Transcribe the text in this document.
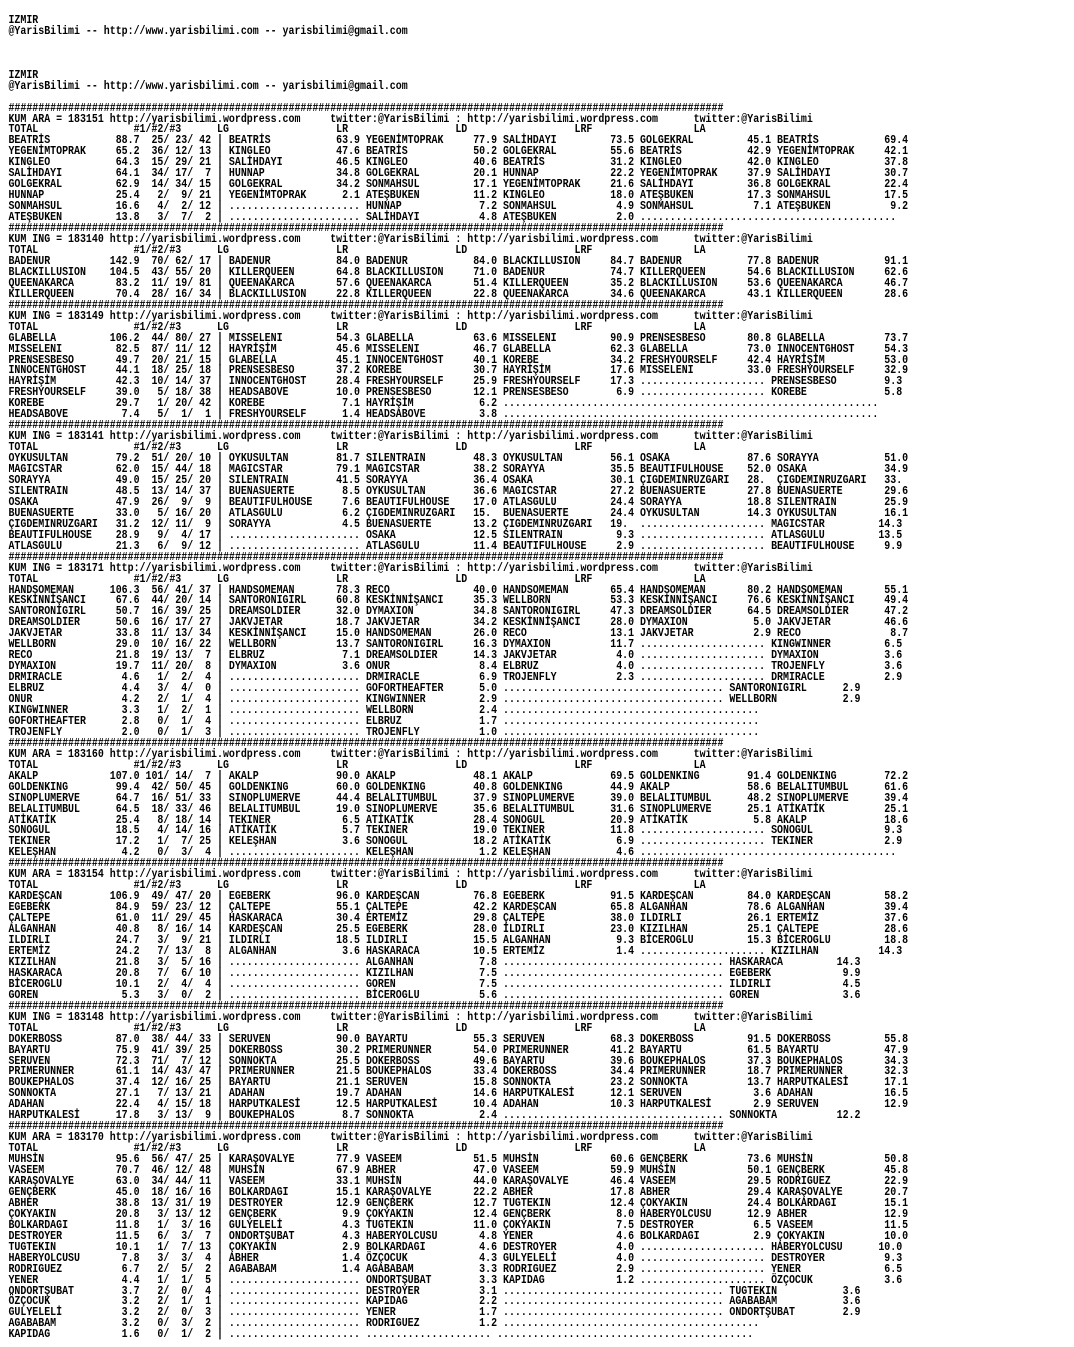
IZMIR
@YarisBilimi -- http://www.yarisbilimi.com -- yarisbilimi@gmail.com

IZMIR
@YarisBilimi -- http://www.yarisbilimi.com -- yarisbilimi@gmail.com

########################################################################################################################
KUM ARA = 183151 http://yarisbilimi.wordpress.com     twitter:@YarisBilimi : http://yarisbilimi.wordpress.com      twitter:@YarisBilimi
TOTAL                #1/#2/#3      LG                  LR                  LD                  LRF                 LA
BEATRİS           88.7  25/ 23/ 42 | BEATRİS           63.9 YEGENİMTOPRAK     77.9 SALİHDAYI         73.5 GOLGEKRAL         45.1 BEATRİS           69.4
YEGENİMTOPRAK     65.2  36/ 12/ 13 | KINGLEO           47.6 BEATRİS           50.2 GOLGEKRAL         55.6 BEATRİS           42.9 YEGENİMTOPRAK     42.1
KINGLEO           64.3  15/ 29/ 21 | SALİHDAYI         46.5 KINGLEO           40.6 BEATRİS           31.2 KINGLEO           42.0 KINGLEO           37.8
SALİHDAYI         64.1  34/ 17/  7 | HUNNAP            34.8 GOLGEKRAL         20.1 HUNNAP            22.2 YEGENİMTOPRAK     37.9 SALİHDAYI         30.7
GOLGEKRAL         62.9  14/ 34/ 15 | GOLGEKRAL         34.2 SONMAHSUL         17.1 YEGENİMTOPRAK     21.6 SALİHDAYI         36.8 GOLGEKRAL         22.4
HUNNAP            25.4   2/  9/ 21 | YEGENİMTOPRAK      2.1 ATEŞBUKEN         11.2 KINGLEO           18.0 ATEŞBUKEN         17.3 SONMAHSUL         17.5
SONMAHSUL         16.6   4/  2/ 12 | ...................... HUNNAP             7.2 SONMAHSUL          4.9 SONMAHSUL          7.1 ATEŞBUKEN          9.2
ATEŞBUKEN         13.8   3/  7/  2 | ...................... SALİHDAYI          4.8 ATEŞBUKEN          2.0 ...........................................
########################################################################################################################
KUM ING = 183140 http://yarisbilimi.wordpress.com     twitter:@YarisBilimi : http://yarisbilimi.wordpress.com      twitter:@YarisBilimi
TOTAL                #1/#2/#3      LG                  LR                  LD                  LRF                 LA
BADENUR          142.9  70/ 62/ 17 | BADENUR           84.0 BADENUR           84.0 BLACKILLUSION     84.7 BADENUR           77.8 BADENUR           91.1
BLACKILLUSION    104.5  43/ 55/ 20 | KILLERQUEEN       64.8 BLACKILLUSION     71.0 BADENUR           74.7 KILLERQUEEN       54.6 BLACKILLUSION     62.6
QUEENAKARCA       83.2  11/ 19/ 81 | QUEENAKARCA       57.6 QUEENAKARCA       51.4 KILLERQUEEN       35.2 BLACKILLUSION     53.6 QUEENAKARCA       46.7
KILLERQUEEN       70.4  28/ 16/ 34 | BLACKILLUSION     22.8 KILLERQUEEN       22.8 QUEENAKARCA       34.6 QUEENAKARCA       43.1 KILLERQUEEN       28.6
########################################################################################################################
KUM ING = 183149 http://yarisbilimi.wordpress.com     twitter:@YarisBilimi : http://yarisbilimi.wordpress.com      twitter:@YarisBilimi
TOTAL                #1/#2/#3      LG                  LR                  LD                  LRF                 LA
GLABELLA         106.2  44/ 80/ 27 | MISSELENI         54.3 GLABELLA          63.6 MISSELENI         90.9 PRENSESBESO       80.8 GLABELLA          73.7
MISSELENI         82.5  87/ 11/ 12 | HAYRİŞİM          45.6 MISSELENI         46.7 GLABELLA          62.3 GLABELLA          73.0 INNOCENTGHOST     54.3
PRENSESBESO       49.7  20/ 21/ 15 | GLABELLA          45.1 INNOCENTGHOST     40.1 KOREBE            34.2 FRESHYOURSELF     42.4 HAYRİŞİM          53.0
INNOCENTGHOST     44.1  18/ 25/ 18 | PRENSESBESO       37.2 KOREBE            30.7 HAYRİŞİM          17.6 MISSELENI         33.0 FRESHYOURSELF     32.9
HAYRİŞİM          42.3  10/ 14/ 37 | INNOCENTGHOST     28.4 FRESHYOURSELF     25.9 FRESHYOURSELF     17.3 ..................... PRENSESBESO        9.3
FRESHYOURSELF     39.0   5/ 18/ 38 | HEADSABOVE        10.0 PRENSESBESO       12.1 PRENSESBESO        6.9 ..................... KOREBE             5.8
KOREBE            29.7   1/ 20/ 42 | KOREBE             7.1 HAYRİŞİM           6.2 ...............................................................
HEADSABOVE         7.4   5/  1/  1 | FRESHYOURSELF      1.4 HEADSABOVE         3.8 ...............................................................
########################################################################################################################
KUM ING = 183141 http://yarisbilimi.wordpress.com     twitter:@YarisBilimi : http://yarisbilimi.wordpress.com      twitter:@YarisBilimi
TOTAL                #1/#2/#3      LG                  LR                  LD                  LRF                 LA
OYKUSULTAN        79.2  51/ 20/ 10 | OYKUSULTAN        81.7 SILENTRAIN        48.3 OYKUSULTAN        56.1 OSAKA             87.6 SORAYYA           51.0
MAGICSTAR         62.0  15/ 44/ 18 | MAGICSTAR         79.1 MAGICSTAR         38.2 SORAYYA           35.5 BEAUTIFULHOUSE    52.0 OSAKA             34.9
SORAYYA           49.0  15/ 25/ 20 | SILENTRAIN        41.5 SORAYYA           36.4 OSAKA             30.1 ÇIGDEMINRUZGARI   28.  ÇIGDEMINRUZGARI   33.
SILENTRAIN        48.5  13/ 14/ 37 | BUENASUERTE        8.5 OYKUSULTAN        36.6 MAGICSTAR         27.2 BUENASUERTE       27.8 BUENASUERTE       29.6
OSAKA             47.9  26/  9/  9 | BEAUTIFULHOUSE     7.6 BEAUTIFULHOUSE    17.0 ATLASGULU         24.4 SORAYYA           18.8 SILENTRAIN        25.9
BUENASUERTE       33.0   5/ 16/ 20 | ATLASGULU          6.2 ÇIGDEMINRUZGARI   15.  BUENASUERTE       24.4 OYKUSULTAN        14.3 OYKUSULTAN        16.1
ÇIGDEMINRUZGARI   31.2  12/ 11/  9 | SORAYYA            4.5 BUENASUERTE       13.2 ÇIGDEMINRUZGARI   19.  ..................... MAGICSTAR         14.3
BEAUTIFULHOUSE    28.9   9/  4/ 17 | ...................... OSAKA             12.5 SILENTRAIN         9.3 ..................... ATLASGULU         13.5
ATLASGULU         21.3   6/  9/ 12 | ...................... ATLASGULU         11.4 BEAUTIFULHOUSE     2.9 ..................... BEAUTIFULHOUSE     9.9
########################################################################################################################
KUM ING = 183171 http://yarisbilimi.wordpress.com     twitter:@YarisBilimi : http://yarisbilimi.wordpress.com      twitter:@YarisBilimi
TOTAL                #1/#2/#3      LG                  LR                  LD                  LRF                 LA
HANDSOMEMAN      106.3  56/ 41/ 37 | HANDSOMEMAN       78.3 RECO              40.0 HANDSOMEMAN       65.4 HANDSOMEMAN       80.2 HANDSOMEMAN       55.1
KESKİNNİŞANCI     67.6  44/ 20/ 14 | SANTORONIGIRL     60.8 KESKİNNİŞANCI     35.3 WELLBORN          53.3 KESKİNNİŞANCI     76.6 KESKİNNİŞANCI     49.4
SANTORONIGIRL     50.7  16/ 39/ 25 | DREAMSOLDIER      32.0 DYMAXION          34.8 SANTORONIGIRL     47.3 DREAMSOLDIER      64.5 DREAMSOLDIER      47.2
DREAMSOLDIER      50.6  16/ 17/ 27 | JAKVJETAR         18.7 JAKVJETAR         34.2 KESKİNNİŞANCI     28.0 DYMAXION           5.0 JAKVJETAR         46.6
JAKVJETAR         33.8  11/ 13/ 34 | KESKİNNİŞANCI     15.0 HANDSOMEMAN       26.0 RECO              13.1 JAKVJETAR          2.9 RECO               8.7
WELLBORN          29.0  10/ 16/ 22 | WELLBORN          13.7 SANTORONIGIRL     16.3 DYMAXION          11.7 ..................... KINGWINNER         6.5
RECO              21.8  19/ 13/  7 | ELBRUZ             7.1 DREAMSOLDIER      14.3 JAKVJETAR          4.0 ..................... DYMAXION           3.6
DYMAXION          19.7  11/ 20/  8 | DYMAXION           3.6 ONUR               8.4 ELBRUZ             4.0 ..................... TROJENFLY          3.6
DRMIRACLE          4.6   1/  2/  4 | ...................... DRMIRACLE          6.9 TROJENFLY          2.3 ..................... DRMIRACLE          2.9
ELBRUZ             4.4   3/  4/  0 | ...................... GOFORTHEAFTER      5.0 ..................................... SANTORONIGIRL      2.9
ONUR               4.2   2/  1/  4 | ...................... KINGWINNER         2.9 ..................................... WELLBORN           2.9
KINGWINNER         3.3   1/  2/  1 | ...................... WELLBORN           2.4 ...........................................
GOFORTHEAFTER      2.8   0/  1/  4 | ...................... ELBRUZ             1.7 ...........................................
TROJENFLY          2.0   0/  1/  3 | ...................... TROJENFLY          1.0 ...........................................
########################################################################################################################
KUM ARA = 183160 http://yarisbilimi.wordpress.com     twitter:@YarisBilimi : http://yarisbilimi.wordpress.com      twitter:@YarisBilimi
TOTAL                #1/#2/#3      LG                  LR                  LD                  LRF                 LA
AKALP            107.0 101/ 14/  7 | AKALP             90.0 AKALP             48.1 AKALP             69.5 GOLDENKING        91.4 GOLDENKING        72.2
GOLDENKING        99.4  42/ 50/ 45 | GOLDENKING        60.0 GOLDENKING        40.8 GOLDENKING        44.9 AKALP             58.6 BELALITUMBUL      61.6
SINOPLUMERVE      64.7  16/ 51/ 33 | SINOPLUMERVE      44.4 BELALITUMBUL      37.9 SINOPLUMERVE      39.0 BELALITUMBUL      48.2 SINOPLUMERVE      39.4
BELALITUMBUL      64.5  18/ 33/ 46 | BELALITUMBUL      19.0 SINOPLUMERVE      35.6 BELALITUMBUL      31.6 SINOPLUMERVE      25.1 ATİKATİK          25.1
ATİKATİK          25.4   8/ 18/ 14 | TEKINER            6.5 ATİKATİK          28.4 SONOGUL           20.9 ATİKATİK           5.8 AKALP             18.6
SONOGUL           18.5   4/ 14/ 16 | ATİKATİK           5.7 TEKINER           19.0 TEKINER           11.8 ..................... SONOGUL            9.3
TEKINER           17.2   1/  7/ 25 | KELEŞHAN           3.6 SONOGUL           18.2 ATİKATİK           6.9 ..................... TEKINER            2.9
KELEŞHAN           4.2   0/  3/  4 | ...................... KELEŞHAN           1.2 KELEŞHAN           4.6 ...........................................
########################################################################################################################
KUM ARA = 183154 http://yarisbilimi.wordpress.com     twitter:@YarisBilimi : http://yarisbilimi.wordpress.com      twitter:@YarisBilimi
TOTAL                #1/#2/#3      LG                  LR                  LD                  LRF                 LA
KARDEŞCAN        106.9  49/ 47/ 20 | EGEBERK           96.0 KARDEŞCAN         76.8 EGEBERK           91.5 KARDEŞCAN         84.0 KARDEŞCAN         58.2
EGEBERK           84.9  59/ 23/ 12 | ÇALTEPE           55.1 ÇALTEPE           42.2 KARDEŞCAN         65.8 ALGANHAN          78.6 ALGANHAN          39.4
ÇALTEPE           61.0  11/ 29/ 45 | HASKARACA         30.4 ERTEMİZ           29.8 ÇALTEPE           38.0 ILDIRLI           26.1 ERTEMİZ           37.6
ALGANHAN          40.8   8/ 16/ 14 | KARDEŞCAN         25.5 EGEBERK           28.0 İLDIRLI           23.0 KIZILHAN          25.1 ÇALTEPE           28.6
ILDIRLI           24.7   3/  9/ 21 | ILDIRLI           18.5 ILDIRLI           15.5 ALGANHAN           9.3 BİCEROGLU         15.3 BİCEROGLU         18.8
ERTEMİZ           24.2   7/ 13/  8 | ALGANHAN           3.6 HASKARACA         10.5 ERTEMİZ            1.4 ..................... KIZILHAN          14.3
KIZILHAN          21.8   3/  5/ 16 | ...................... ALGANHAN           7.8 ..................................... HASKARACA         14.3
HASKARACA         20.8   7/  6/ 10 | ...................... KIZILHAN           7.5 ..................................... EGEBERK            9.9
BİCEROGLU         10.1   2/  4/  4 | ...................... GOREN              7.5 ..................................... ILDIRLI            4.5
GOREN              5.3   3/  0/  2 | ...................... BİCEROGLU          5.6 ..................................... GOREN              3.6
########################################################################################################################
KUM ING = 183148 http://yarisbilimi.wordpress.com     twitter:@YarisBilimi : http://yarisbilimi.wordpress.com      twitter:@YarisBilimi
TOTAL                #1/#2/#3      LG                  LR                  LD                  LRF                 LA
DOKERBOSS         87.0  38/ 44/ 33 | SERUVEN           90.0 BAYARTU           55.3 SERUVEN           68.3 DOKERBOSS         91.5 DOKERBOSS         55.8
BAYARTU           75.9  41/ 39/ 25 | DOKERBOSS         30.2 PRIMERUNNER       54.0 PRIMERUNNER       41.2 BAYARTU           61.5 BAYARTU           47.9
SERUVEN           72.3  71/  7/ 12 | SONNOKTA          25.5 DOKERBOSS         49.6 BAYARTU           39.6 BOUKEPHALOS       37.3 BOUKEPHALOS       34.3
PRIMERUNNER       61.1  14/ 43/ 47 | PRIMERUNNER       21.5 BOUKEPHALOS       33.4 DOKERBOSS         34.4 PRIMERUNNER       18.7 PRIMERUNNER       32.3
BOUKEPHALOS       37.4  12/ 16/ 25 | BAYARTU           21.1 SERUVEN           15.8 SONNOKTA          23.2 SONNOKTA          13.7 HARPUTKALESİ      17.1
SONNOKTA          27.1   7/ 13/ 21 | ADAHAN            19.7 ADAHAN            14.6 HARPUTKALESİ      12.1 SERUVEN            3.6 ADAHAN            16.5
ADAHAN            22.4   4/ 15/ 18 | HARPUTKALESİ      12.5 HARPUTKALESİ      10.4 ADAHAN            10.3 HARPUTKALESİ       2.9 SERUVEN           12.9
HARPUTKALESİ      17.8   3/ 13/  9 | BOUKEPHALOS        8.7 SONNOKTA           2.4 ..................................... SONNOKTA          12.2
########################################################################################################################
KUM ARA = 183170 http://yarisbilimi.wordpress.com     twitter:@YarisBilimi : http://yarisbilimi.wordpress.com      twitter:@YarisBilimi
TOTAL                #1/#2/#3      LG                  LR                  LD                  LRF                 LA
MUHSİN            95.6  56/ 47/ 25 | KARAŞOVALYE       77.9 VASEEM            51.5 MUHSİN            60.6 GENÇBERK          73.6 MUHSİN            50.8
VASEEM            70.7  46/ 12/ 48 | MUHSİN            67.9 ABHER             47.0 VASEEM            59.9 MUHSİN            50.1 GENÇBERK          45.8
KARAŞOVALYE       63.0  34/ 44/ 11 | VASEEM            33.1 MUHSİN            44.0 KARAŞOVALYE       46.4 VASEEM            29.5 RODRIGUEZ         22.9
GENÇBERK          45.0  18/ 16/ 16 | BOLKARDAGI        15.1 KARAŞOVALYE       22.2 ABHER             17.8 ABHER             29.4 KARAŞOVALYE       20.7
ABHER             38.8  13/ 31/ 19 | DESTROYER         12.9 GENÇBERK          12.7 TUGTEKIN          12.4 ÇOKYAKIN          24.4 BOLKARDAGI        15.1
ÇOKYAKIN          20.8   3/ 13/ 12 | GENÇBERK           9.9 ÇOKYAKIN          12.4 GENÇBERK           8.0 HABERYOLCUSU      12.9 ABHER             12.9
BOLKARDAGI        11.8   1/  3/ 16 | GULYELELİ          4.3 TUGTEKIN          11.0 ÇOKYAKIN           7.5 DESTROYER          6.5 VASEEM            11.5
DESTROYER         11.5   6/  3/  7 | ONDORTŞUBAT        4.3 HABERYOLCUSU       4.8 YENER              4.6 BOLKARDAGI         2.9 ÇOKYAKIN          10.0
TUGTEKIN          10.1   1/  7/ 13 | ÇOKYAKIN           2.9 BOLKARDAGI         4.6 DESTROYER          4.0 ..................... HABERYOLCUSU      10.0
HABERYOLCUSU       7.8   3/  3/  4 | ABHER              1.4 ÖZÇOCUK            4.3 GULYELELİ          4.0 ..................... DESTROYER          9.3
RODRIGUEZ          6.7   2/  5/  2 | AGABABAM           1.4 AGABABAM           3.3 RODRIGUEZ          2.9 ..................... YENER              6.5
YENER              4.4   1/  1/  5 | ...................... ONDORTŞUBAT        3.3 KAPIDAG            1.2 ..................... ÖZÇOCUK            3.6
ONDORTŞUBAT        3.7   2/  0/  4 | ...................... DESTROYER          3.1 ..................................... TUGTEKIN           3.6
ÖZÇOCUK            3.2   2/  1/  1 | ...................... KAPIDAG            2.2 ..................................... AGABABAM           3.6
GULYELELİ          3.2   2/  0/  3 | ...................... YENER              1.7 ..................................... ONDORTŞUBAT        2.9
AGABABAM           3.2   0/  3/  2 | ...................... RODRIGUEZ          1.2 ...........................................
KAPIDAG            1.6   0/  1/  2 | ...................... ..................... ...........................................
